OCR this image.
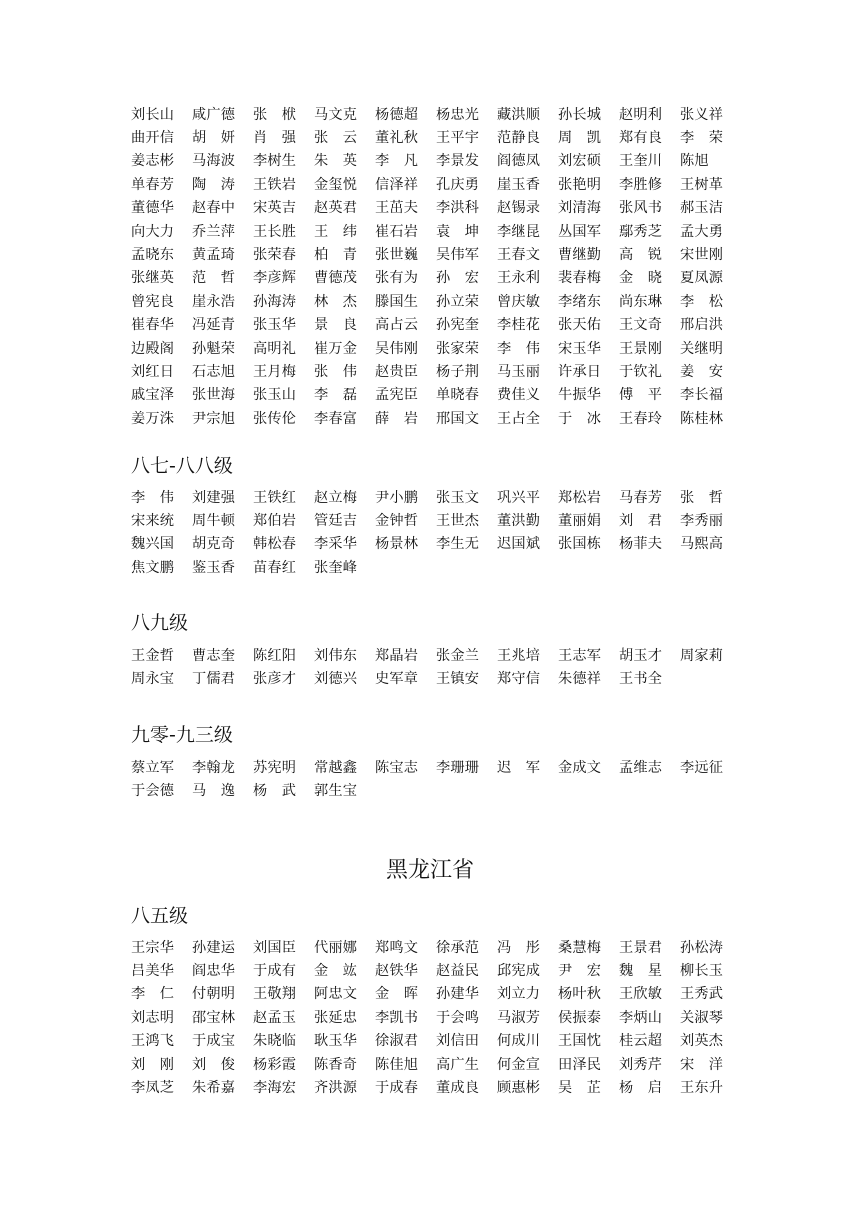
刘长山	咸广德	张　栿	马文克	杨德超	杨忠光	藏洪顺	孙长城	赵明利	张义祥
曲开信	胡　妍	肖　强	张　云	董礼秋	王平宇	范静良	周　凯	郑有良	李　荣
姜志彬	马海波	李树生	朱　英	李　凡	李景发	阎德凤	刘宏硕	王奎川	陈旭
单春芳	陶　涛	王铁岩	金玺悦	信泽祥	孔庆勇	崖玉香	张艳明	李胜修	王树革
董德华	赵春中	宋英吉	赵英君	王茁夫	李洪科	赵锡录	刘清海	张风书	郝玉洁
向大力	乔兰萍	王长胜	王　纬	崔石岩	袁　坤	李继昆	丛国军	鄢秀芝	孟大勇
孟晓东	黄孟琦	张荣春	柏　青	张世巍	吴伟军	王春文	曹继勤	高　锐	宋世刚
张继英	范　哲	李彦辉	曹德茂	张有为	孙　宏	王永利	裴春梅	金　晓	夏凤源
曾宪良	崖永浩	孙海涛	林　杰	滕国生	孙立荣	曾庆敏	李绪东	尚东琳	李　松
崔春华	冯延青	张玉华	景　良	高占云	孙宪奎	李桂花	张天佑	王文奇	邢启洪
边殿阁	孙魁荣	高明礼	崔万金	吴伟刚	张家荣	李　伟	宋玉华	王景刚	关继明
刘红日	石志旭	王月梅	张　伟	赵贵臣	杨子荆	马玉丽	许承日	于钦礼	姜　安
戚宝泽	张世海	张玉山	李　磊	孟宪臣	单晓春	费佳义	牛振华	傅　平	李长福
姜万洙	尹宗旭	张传伦	李春富	薛　岩	邢国文	王占全	于　冰	王春玲	陈桂林
八七-八八级
李　伟	刘建强	王铁红	赵立梅	尹小鹏	张玉文	巩兴平	郑松岩	马春芳	张　哲
宋来统	周牛顿	郑伯岩	管廷吉	金钟哲	王世杰	董洪勤	董丽娟	刘　君	李秀丽
魏兴国	胡克奇	韩松春	李采华	杨景林	李生无	迟国斌	张国栋	杨菲夫	马熙高
焦文鹏	鉴玉香	苗春红	张奎峰
八九级
王金哲	曹志奎	陈红阳	刘伟东	郑晶岩	张金兰	王兆培	王志军	胡玉才	周家莉
周永宝	丁儒君	张彦才	刘德兴	史军章	王镇安	郑守信	朱德祥	王书全
九零-九三级
蔡立军	李翰龙	苏宪明	常越鑫	陈宝志	李珊珊	迟　军	金成文	孟维志	李远征
于会德	马　逸	杨　武	郭生宝
黑龙江省
八五级
王宗华	孙建运	刘国臣	代丽娜	郑鸣文	徐承范	冯　彤	桑慧梅	王景君	孙松涛
吕美华	阎忠华	于成有	金　竑	赵铁华	赵益民	邱宪成	尹　宏	魏　星	柳长玉
李　仁	付朝明	王敬翔	阿忠文	金　晖	孙建华	刘立力	杨叶秋	王欣敏	王秀武
刘志明	邵宝林	赵孟玉	张延忠	李凯书	于会鸣	马淑芳	侯振泰	李炳山	关淑琴
王鸿飞	于成宝	朱晓临	耿玉华	徐淑君	刘信田	何成川	王国忱	桂云超	刘英杰
刘　刚	刘　俊	杨彩霞	陈香奇	陈佳旭	高广生	何金宣	田泽民	刘秀芹	宋　洋
李凤芝	朱希嘉	李海宏	齐洪源	于成春	董成良	顾惠彬	吴　芷	杨　启	王东升
